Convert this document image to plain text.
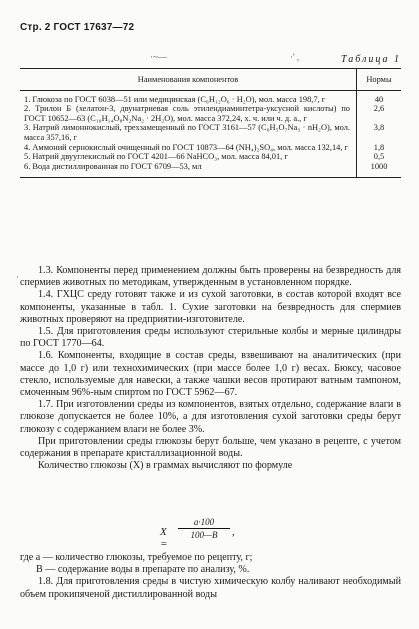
Стр. 2 ГОСТ 17637—72
·~—	·' ,
·
Таблица 1
Наименования компонентов	Нормы
1. Глюкоза по ГОСТ 6038—51 или медицинская (C₆H₁₂O₆ · H₂O), мол. масса 198,7, г	40
2. Трилон Б (хелатон-3, двунатриевая соль этилендиаминтетра-уксусной кислоты) по ГОСТ 10652—63 (C₁₀H₁₄O₈N₂Na₂ · 2H₂O), мол. масса 372,24, х. ч. или ч. д. а., г	2,6
3. Натрий лимоннокислый, трехзамещенный по ГОСТ 3161—57 (C₆H₅O₇Na₃ · nH₂O), мол. масса 357,16, г	3,8
4. Аммоний сернокислый очищенный по ГОСТ 10873—64 (NH₄)₂SO₄, мол. масса 132,14, г	1,8
5. Натрий двууглекислый по ГОСТ 4201—66 NaHCO₃, мол. масса 84,01, г	0,5
6. Вода дистиллированная по ГОСТ 6709—53, мл	1000

1.3. Компоненты перед применением должны быть проверены на безвредность для спермиев животных по методикам, утвержденным в установленном порядке.

1.4. ГХЦС среду готовят также и из сухой заготовки, в состав которой входят все компоненты, указанные в табл. 1. Сухие заготовки на безвредность для спермиев животных проверяют на предприятии-изготовителе.

1.5. Для приготовления среды используют стерильные колбы и мерные цилиндры по ГОСТ 1770—64.

1.6. Компоненты, входящие в состав среды, взвешивают на аналитических (при массе до 1,0 г) или технохимических (при массе более 1,0 г) весах. Бюксу, часовое стекло, используемые для навески, а также чашки весов протирают ватным тампоном, смоченным 96%-ным спиртом по ГОСТ 5962—67.

1.7. При изготовлении среды из компонентов, взятых отдельно, содержание влаги в глюкозе допускается не более 10%, а для изготовления сухой заготовки среды берут глюкозу с содержанием влаги не более 3%.

При приготовлении среды глюкозы берут больше, чем указано в рецепте, с учетом содержания в препарате кристаллизационной воды.

Количество глюкозы (X) в граммах вычисляют по формуле

X =
$\frac{a\cdot 100}{100—B}$ ,

где a — количество глюкозы, требуемое по рецепту, г;

B — содержание воды в препарате по анализу, %.

1.8. Для приготовления среды в чистую химическую колбу наливают необходимый объем прокипяченой дистиллированной воды
